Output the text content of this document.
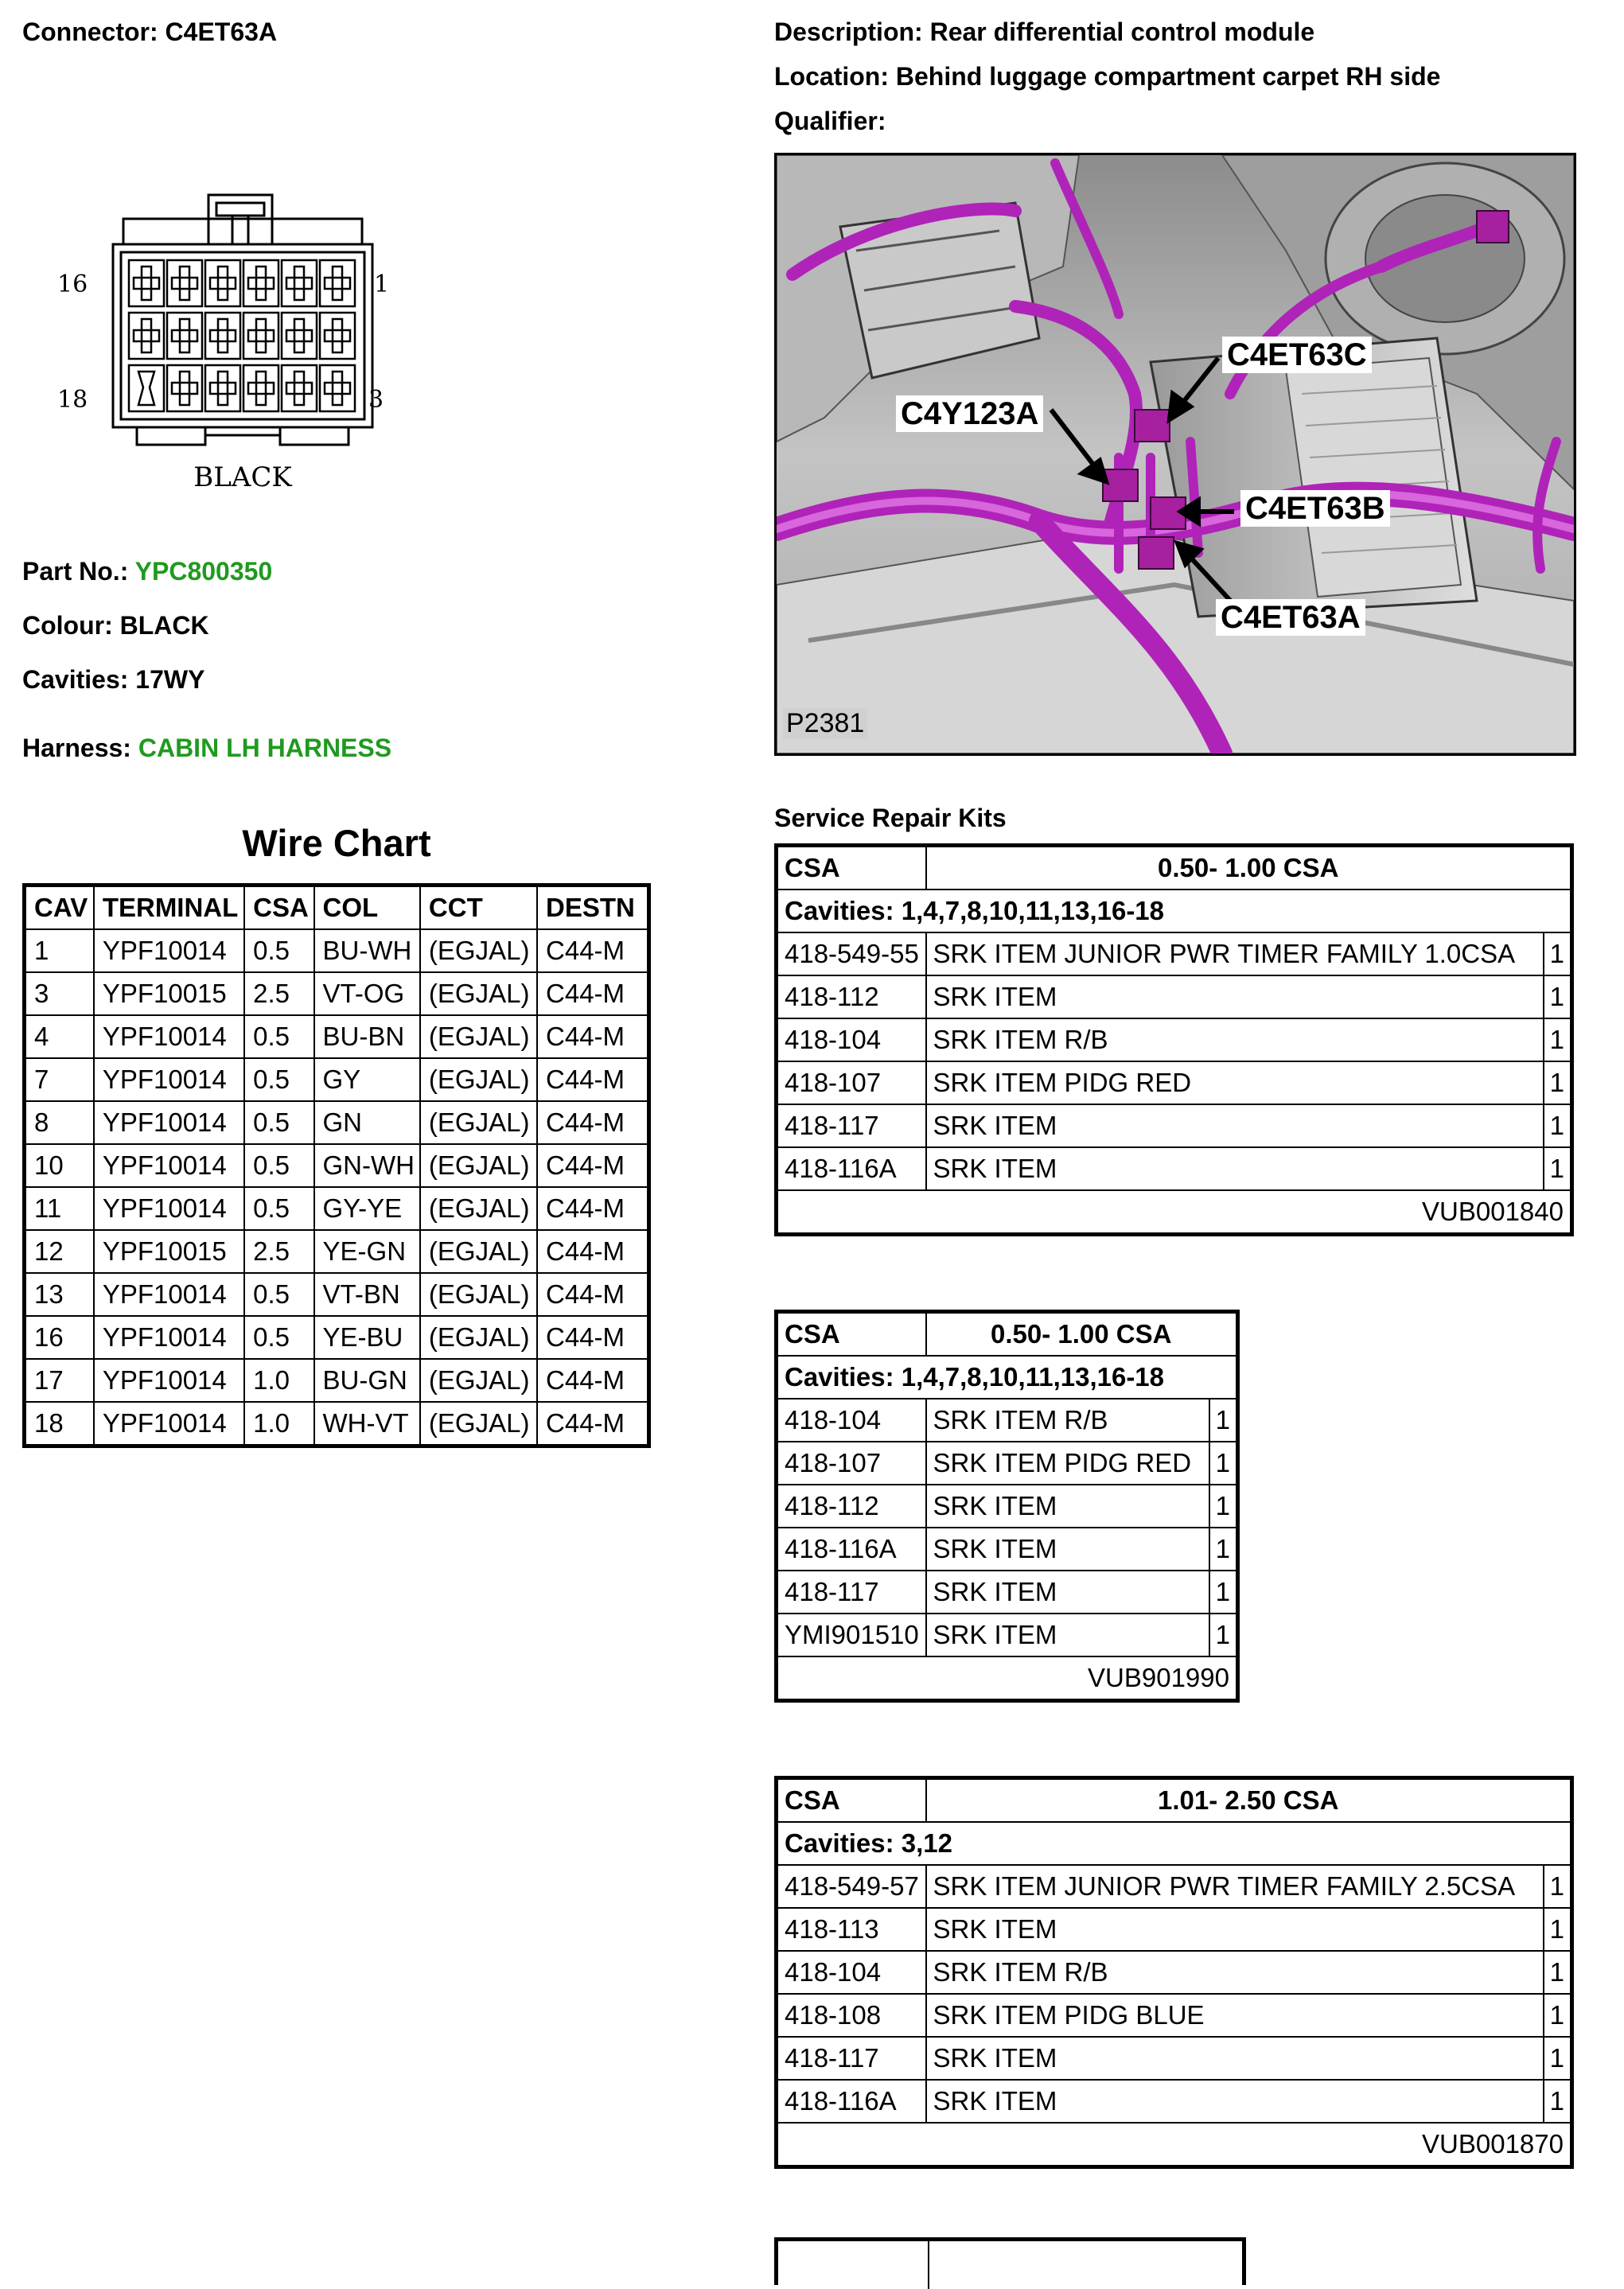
Connector: C4ET63A	Description: Rear differential control module
Location: Behind luggage compartment carpet RH side
Qualifier:
16	1
18	3
BLACK
Part No.: YPC800350
Colour: BLACK
Cavities: 17WY
Harness: CABIN LH HARNESS
C4ET63C
C4Y123A
C4ET63B
C4ET63A
P2381
Wire Chart
CAV	TERMINAL	CSA	COL	CCT	DESTN
1	YPF10014	0.5	BU-WH	(EGJAL)	C44-M
3	YPF10015	2.5	VT-OG	(EGJAL)	C44-M
4	YPF10014	0.5	BU-BN	(EGJAL)	C44-M
7	YPF10014	0.5	GY	(EGJAL)	C44-M
8	YPF10014	0.5	GN	(EGJAL)	C44-M
10	YPF10014	0.5	GN-WH	(EGJAL)	C44-M
11	YPF10014	0.5	GY-YE	(EGJAL)	C44-M
12	YPF10015	2.5	YE-GN	(EGJAL)	C44-M
13	YPF10014	0.5	VT-BN	(EGJAL)	C44-M
16	YPF10014	0.5	YE-BU	(EGJAL)	C44-M
17	YPF10014	1.0	BU-GN	(EGJAL)	C44-M
18	YPF10014	1.0	WH-VT	(EGJAL)	C44-M
Service Repair Kits
CSA	0.50- 1.00 CSA	
Cavities: 1,4,7,8,10,11,13,16-18		
418-549-55	SRK ITEM JUNIOR PWR TIMER FAMILY 1.0CSA	1
418-112	SRK ITEM	1
418-104	SRK ITEM R/B	1
418-107	SRK ITEM PIDG RED	1
418-117	SRK ITEM	1
418-116A	SRK ITEM	1
VUB001840		
CSA	0.50- 1.00 CSA	
Cavities: 1,4,7,8,10,11,13,16-18		
418-104	SRK ITEM R/B	1
418-107	SRK ITEM PIDG RED	1
418-112	SRK ITEM	1
418-116A	SRK ITEM	1
418-117	SRK ITEM	1
YMI901510	SRK ITEM	1
VUB901990		
CSA	1.01- 2.50 CSA	
Cavities: 3,12		
418-549-57	SRK ITEM JUNIOR PWR TIMER FAMILY 2.5CSA	1
418-113	SRK ITEM	1
418-104	SRK ITEM R/B	1
418-108	SRK ITEM PIDG BLUE	1
418-117	SRK ITEM	1
418-116A	SRK ITEM	1
VUB001870		
